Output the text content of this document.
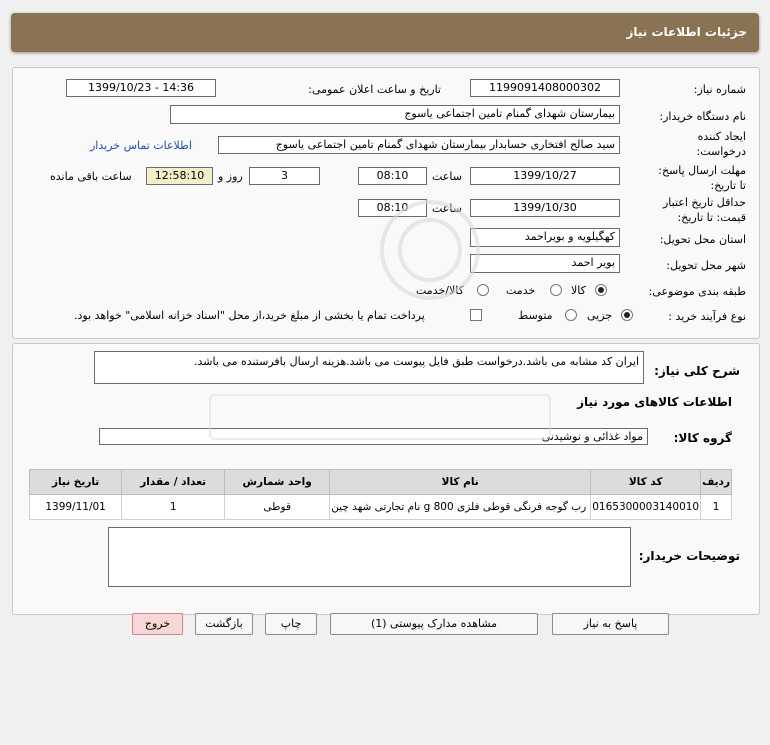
جزئیات اطلاعات نیاز
شماره نیاز:
1199091408000302
تاریخ و ساعت اعلان عمومی:
1399/10/23 - 14:36
نام دستگاه خریدار:
بیمارستان شهدای گمنام تامین اجتماعی یاسوج
ایجاد کننده
درخواست:
سید صالح افتخاری حسابدار بیمارستان شهدای گمنام تامین اجتماعی یاسوج
اطلاعات تماس خریدار
مهلت ارسال پاسخ:
تا تاریخ:
1399/10/27
ساعت
08:10
3
روز و
12:58:10
ساعت باقی مانده
حداقل تاریخ اعتبار
قیمت: تا تاریخ:
1399/10/30
ساعت
08:10
استان محل تحویل:
کهگیلویه و بویراحمد
شهر محل تحویل:
بویر احمد
طبقه بندی موضوعی:
کالا
خدمت
کالا/خدمت
نوع فرآیند خرید :
جزیی
متوسط
پرداخت تمام یا بخشی از مبلغ خرید،از محل "اسناد خزانه اسلامی" خواهد بود.
شرح کلی نیاز:
ایران کد مشابه می باشد.درخواست طبق فایل پیوست می باشد.هزینه ارسال بافرستنده می باشد.
اطلاعات کالاهای مورد نیاز
گروه کالا:
مواد غذائی و نوشیدنی
ردیف	کد کالا	نام کالا	واحد شمارش	تعداد / مقدار	تاریخ نیاز
1	0165300003140010	رب گوجه فرنگی قوطی فلزی 800 g نام تجارتی شهد چین	قوطی	1	1399/11/01
توضیحات خریدار:
پاسخ به نیاز
مشاهده مدارک پیوستی (1)
چاپ
بازگشت
خروج
